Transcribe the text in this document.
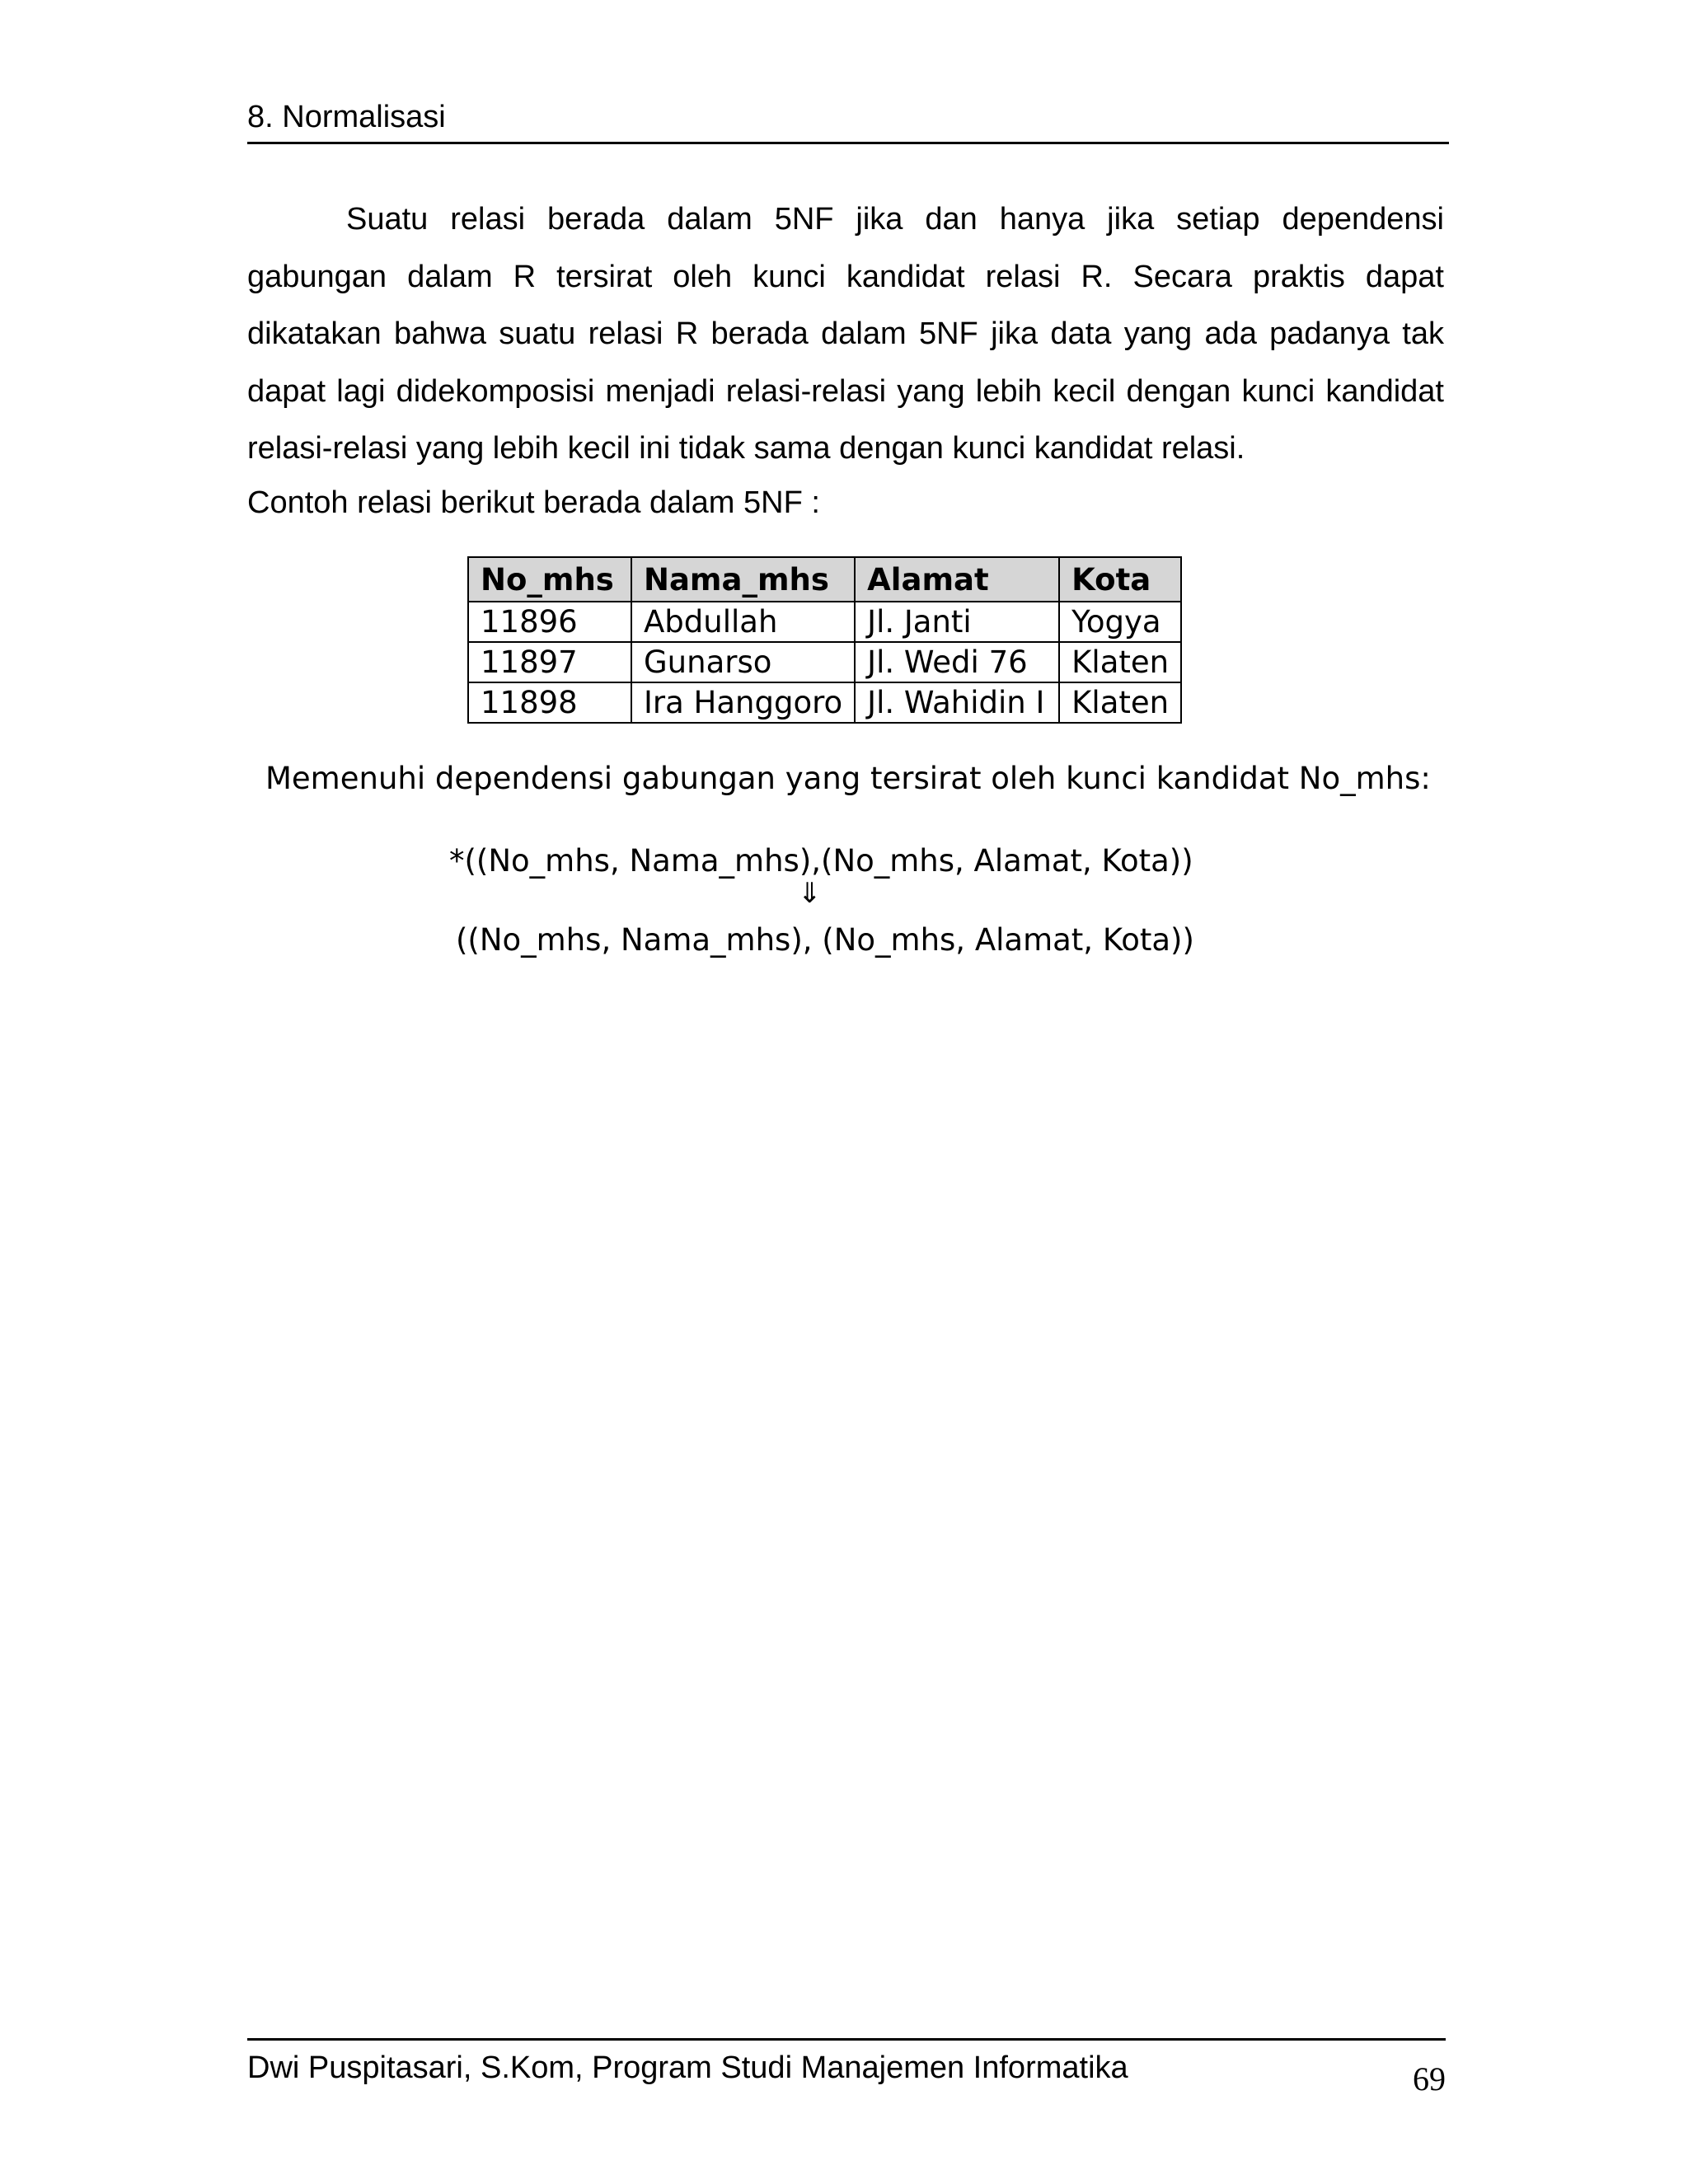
8. Normalisasi

Suatu relasi berada dalam 5NF jika dan hanya jika setiap dependensi gabungan dalam R tersirat oleh kunci kandidat relasi R. Secara praktis dapat dikatakan bahwa suatu relasi R berada dalam 5NF jika data yang ada padanya tak dapat lagi didekomposisi menjadi relasi-relasi yang lebih kecil dengan kunci kandidat relasi-relasi yang lebih kecil ini tidak sama dengan kunci kandidat relasi.

Contoh relasi berikut berada dalam 5NF :
No_mhs	Nama_mhs	Alamat	Kota
11896	Abdullah	Jl. Janti	Yogya
11897	Gunarso	Jl. Wedi 76	Klaten
11898	Ira Hanggoro	Jl. Wahidin I	Klaten
Memenuhi dependensi gabungan yang tersirat oleh kunci kandidat No_mhs:
*((No_mhs, Nama_mhs),(No_mhs, Alamat, Kota))
⇓
((No_mhs, Nama_mhs), (No_mhs, Alamat, Kota))
Dwi Puspitasari, S.Kom, Program Studi Manajemen Informatika	69
